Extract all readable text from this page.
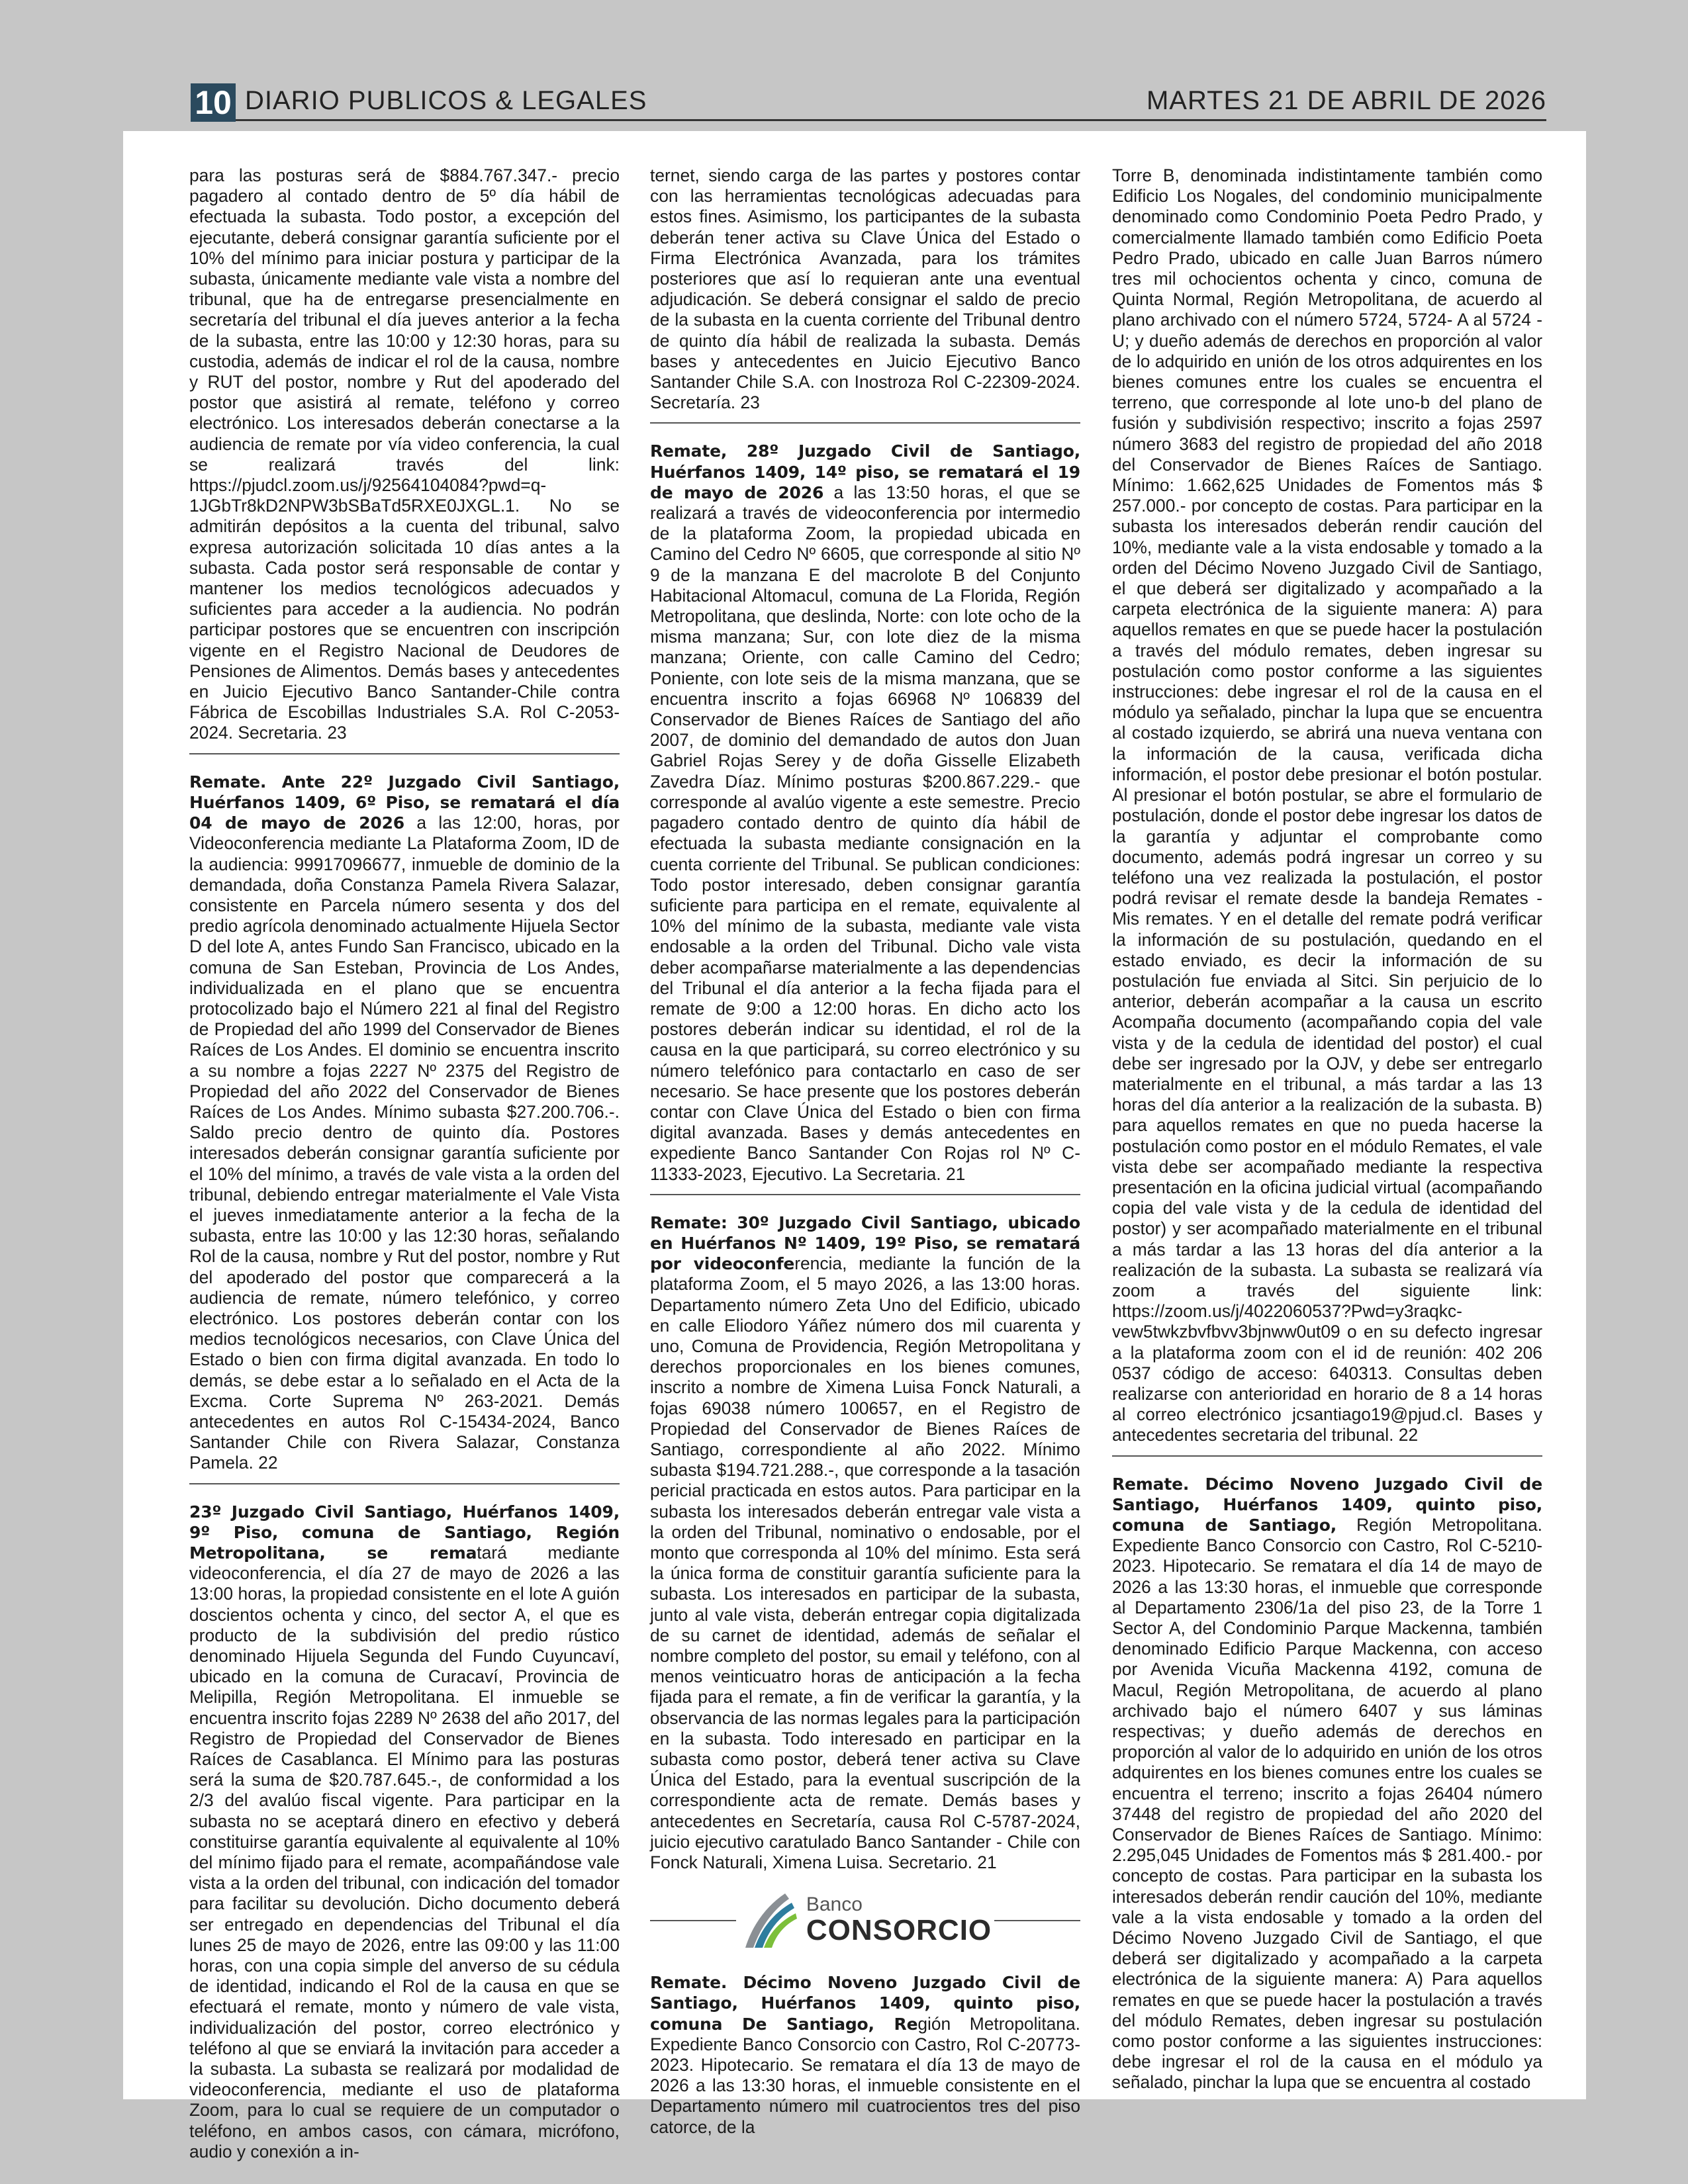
10 DIARIO PUBLICOS & LEGALES	MARTES 21 DE ABRIL DE 2026

para las posturas será de $884.767.347.- precio pagadero al contado dentro de 5º día hábil de efectuada la subasta. Todo postor, a excepción del ejecutante, deberá consignar garantía suficiente por el 10% del mínimo para iniciar postura y participar de la subasta, únicamente mediante vale vista a nombre del tribunal, que ha de entregarse presencialmente en secretaría del tribunal el día jueves anterior a la fecha de la subasta, entre las 10:00 y 12:30 horas, para su custodia, además de indicar el rol de la causa, nombre y RUT del postor, nombre y Rut del apoderado del postor que asistirá al remate, teléfono y correo electrónico. Los interesados deberán conectarse a la audiencia de remate por vía video conferencia, la cual se realizará través del link: https://pjudcl.zoom.us/j/92564104084?pwd=q-1JGbTr8kD2NPW3bSBaTd5RXE0JXGL.1. No se admitirán depósitos a la cuenta del tribunal, salvo expresa autorización solicitada 10 días antes a la subasta. Cada postor será responsable de contar y mantener los medios tecnológicos adecuados y suficientes para acceder a la audiencia. No podrán participar postores que se encuentren con inscripción vigente en el Registro Nacional de Deudores de Pensiones de Alimentos. Demás bases y antecedentes en Juicio Ejecutivo Banco Santander-Chile contra Fábrica de Escobillas Industriales S.A. Rol C-2053-2024. Secretaria. 23

Remate. Ante 22º Juzgado Civil Santiago, Huérfanos 1409, 6º Piso, se rematará el día 04 de mayo de 2026 a las 12:00, horas, por Videoconferencia mediante La Plataforma Zoom, ID de la audiencia: 99917096677, inmueble de dominio de la demandada, doña Constanza Pamela Rivera Salazar, consistente en Parcela número sesenta y dos del predio agrícola denominado actualmente Hijuela Sector D del lote A, antes Fundo San Francisco, ubicado en la comuna de San Esteban, Provincia de Los Andes, individualizada en el plano que se encuentra protocolizado bajo el Número 221 al final del Registro de Propiedad del año 1999 del Conservador de Bienes Raíces de Los Andes. El dominio se encuentra inscrito a su nombre a fojas 2227 Nº 2375 del Registro de Propiedad del año 2022 del Conservador de Bienes Raíces de Los Andes. Mínimo subasta $27.200.706.-. Saldo precio dentro de quinto día. Postores interesados deberán consignar garantía suficiente por el 10% del mínimo, a través de vale vista a la orden del tribunal, debiendo entregar materialmente el Vale Vista el jueves inmediatamente anterior a la fecha de la subasta, entre las 10:00 y las 12:30 horas, señalando Rol de la causa, nombre y Rut del postor, nombre y Rut del apoderado del postor que comparecerá a la audiencia de remate, número telefónico, y correo electrónico. Los postores deberán contar con los medios tecnológicos necesarios, con Clave Única del Estado o bien con firma digital avanzada. En todo lo demás, se debe estar a lo señalado en el Acta de la Excma. Corte Suprema Nº 263-2021. Demás antecedentes en autos Rol C-15434-2024, Banco Santander Chile con Rivera Salazar, Constanza Pamela. 22

23º Juzgado Civil Santiago, Huérfanos 1409, 9º Piso, comuna de Santiago, Región Metropolitana, se rematará mediante videoconferencia, el día 27 de mayo de 2026 a las 13:00 horas, la propiedad consistente en el lote A guión doscientos ochenta y cinco, del sector A, el que es producto de la subdivisión del predio rústico denominado Hijuela Segunda del Fundo Cuyuncaví, ubicado en la comuna de Curacaví, Provincia de Melipilla, Región Metropolitana. El inmueble se encuentra inscrito fojas 2289 Nº 2638 del año 2017, del Registro de Propiedad del Conservador de Bienes Raíces de Casablanca. El Mínimo para las posturas será la suma de $20.787.645.-, de conformidad a los 2/3 del avalúo fiscal vigente. Para participar en la subasta no se aceptará dinero en efectivo y deberá constituirse garantía equivalente al equivalente al 10% del mínimo fijado para el remate, acompañándose vale vista a la orden del tribunal, con indicación del tomador para facilitar su devolución. Dicho documento deberá ser entregado en dependencias del Tribunal el día lunes 25 de mayo de 2026, entre las 09:00 y las 11:00 horas, con una copia simple del anverso de su cédula de identidad, indicando el Rol de la causa en que se efectuará el remate, monto y número de vale vista, individualización del postor, correo electrónico y teléfono al que se enviará la invitación para acceder a la subasta. La subasta se realizará por modalidad de videoconferencia, mediante el uso de plataforma Zoom, para lo cual se requiere de un computador o teléfono, en ambos casos, con cámara, micrófono, audio y conexión a in-

ternet, siendo carga de las partes y postores contar con las herramientas tecnológicas adecuadas para estos fines. Asimismo, los participantes de la subasta deberán tener activa su Clave Única del Estado o Firma Electrónica Avanzada, para los trámites posteriores que así lo requieran ante una eventual adjudicación. Se deberá consignar el saldo de precio de la subasta en la cuenta corriente del Tribunal dentro de quinto día hábil de realizada la subasta. Demás bases y antecedentes en Juicio Ejecutivo Banco Santander Chile S.A. con Inostroza Rol C-22309-2024. Secretaría. 23

Remate, 28º Juzgado Civil de Santiago, Huérfanos 1409, 14º piso, se rematará el 19 de mayo de 2026 a las 13:50 horas, el que se realizará a través de videoconferencia por intermedio de la plataforma Zoom, la propiedad ubicada en Camino del Cedro Nº 6605, que corresponde al sitio Nº 9 de la manzana E del macrolote B del Conjunto Habitacional Altomacul, comuna de La Florida, Región Metropolitana, que deslinda, Norte: con lote ocho de la misma manzana; Sur, con lote diez de la misma manzana; Oriente, con calle Camino del Cedro; Poniente, con lote seis de la misma manzana, que se encuentra inscrito a fojas 66968 Nº 106839 del Conservador de Bienes Raíces de Santiago del año 2007, de dominio del demandado de autos don Juan Gabriel Rojas Serey y de doña Gisselle Elizabeth Zavedra Díaz. Mínimo posturas $200.867.229.- que corresponde al avalúo vigente a este semestre. Precio pagadero contado dentro de quinto día hábil de efectuada la subasta mediante consignación en la cuenta corriente del Tribunal. Se publican condiciones: Todo postor interesado, deben consignar garantía suficiente para participa en el remate, equivalente al 10% del mínimo de la subasta, mediante vale vista endosable a la orden del Tribunal. Dicho vale vista deber acompañarse materialmente a las dependencias del Tribunal el día anterior a la fecha fijada para el remate de 9:00 a 12:00 horas. En dicho acto los postores deberán indicar su identidad, el rol de la causa en la que participará, su correo electrónico y su número telefónico para contactarlo en caso de ser necesario. Se hace presente que los postores deberán contar con Clave Única del Estado o bien con firma digital avanzada. Bases y demás antecedentes en expediente Banco Santander Con Rojas rol Nº C-11333-2023, Ejecutivo. La Secretaria. 21

Remate: 30º Juzgado Civil Santiago, ubicado en Huérfanos Nº 1409, 19º Piso, se rematará por videoconferencia, mediante la función de la plataforma Zoom, el 5 mayo 2026, a las 13:00 horas. Departamento número Zeta Uno del Edificio, ubicado en calle Eliodoro Yáñez número dos mil cuarenta y uno, Comuna de Providencia, Región Metropolitana y derechos proporcionales en los bienes comunes, inscrito a nombre de Ximena Luisa Fonck Naturali, a fojas 69038 número 100657, en el Registro de Propiedad del Conservador de Bienes Raíces de Santiago, correspondiente al año 2022. Mínimo subasta $194.721.288.-, que corresponde a la tasación pericial practicada en estos autos. Para participar en la subasta los interesados deberán entregar vale vista a la orden del Tribunal, nominativo o endosable, por el monto que corresponda al 10% del mínimo. Esta será la única forma de constituir garantía suficiente para la subasta. Los interesados en participar de la subasta, junto al vale vista, deberán entregar copia digitalizada de su carnet de identidad, además de señalar el nombre completo del postor, su email y teléfono, con al menos veinticuatro horas de anticipación a la fecha fijada para el remate, a fin de verificar la garantía, y la observancia de las normas legales para la participación en la subasta. Todo interesado en participar en la subasta como postor, deberá tener activa su Clave Única del Estado, para la eventual suscripción de la correspondiente acta de remate. Demás bases y antecedentes en Secretaría, causa Rol C-5787-2024, juicio ejecutivo caratulado Banco Santander - Chile con Fonck Naturali, Ximena Luisa. Secretario. 21

Banco
CONSORCIO

Remate. Décimo Noveno Juzgado Civil de Santiago, Huérfanos 1409, quinto piso, comuna De Santiago, Región Metropolitana. Expediente Banco Consorcio con Castro, Rol C-20773-2023. Hipotecario. Se rematara el día 13 de mayo de 2026 a las 13:30 horas, el inmueble consistente en el Departamento número mil cuatrocientos tres del piso catorce, de la

Torre B, denominada indistintamente también como Edificio Los Nogales, del condominio municipalmente denominado como Condominio Poeta Pedro Prado, y comercialmente llamado también como Edificio Poeta Pedro Prado, ubicado en calle Juan Barros número tres mil ochocientos ochenta y cinco, comuna de Quinta Normal, Región Metropolitana, de acuerdo al plano archivado con el número 5724, 5724- A al 5724 -U; y dueño además de derechos en proporción al valor de lo adquirido en unión de los otros adquirentes en los bienes comunes entre los cuales se encuentra el terreno, que corresponde al lote uno-b del plano de fusión y subdivisión respectivo; inscrito a fojas 2597 número 3683 del registro de propiedad del año 2018 del Conservador de Bienes Raíces de Santiago. Mínimo: 1.662,625 Unidades de Fomentos más $ 257.000.- por concepto de costas. Para participar en la subasta los interesados deberán rendir caución del 10%, mediante vale a la vista endosable y tomado a la orden del Décimo Noveno Juzgado Civil de Santiago, el que deberá ser digitalizado y acompañado a la carpeta electrónica de la siguiente manera: A) para aquellos remates en que se puede hacer la postulación a través del módulo remates, deben ingresar su postulación como postor conforme a las siguientes instrucciones: debe ingresar el rol de la causa en el módulo ya señalado, pinchar la lupa que se encuentra al costado izquierdo, se abrirá una nueva ventana con la información de la causa, verificada dicha información, el postor debe presionar el botón postular. Al presionar el botón postular, se abre el formulario de postulación, donde el postor debe ingresar los datos de la garantía y adjuntar el comprobante como documento, además podrá ingresar un correo y su teléfono una vez realizada la postulación, el postor podrá revisar el remate desde la bandeja Remates - Mis remates. Y en el detalle del remate podrá verificar la información de su postulación, quedando en el estado enviado, es decir la información de su postulación fue enviada al Sitci. Sin perjuicio de lo anterior, deberán acompañar a la causa un escrito Acompaña documento (acompañando copia del vale vista y de la cedula de identidad del postor) el cual debe ser ingresado por la OJV, y debe ser entregarlo materialmente en el tribunal, a más tardar a las 13 horas del día anterior a la realización de la subasta. B) para aquellos remates en que no pueda hacerse la postulación como postor en el módulo Remates, el vale vista debe ser acompañado mediante la respectiva presentación en la oficina judicial virtual (acompañando copia del vale vista y de la cedula de identidad del postor) y ser acompañado materialmente en el tribunal a más tardar a las 13 horas del día anterior a la realización de la subasta. La subasta se realizará vía zoom a través del siguiente link: https://zoom.us/j/4022060537?Pwd=y3raqkc-vew5twkzbvfbvv3bjnww0ut09 o en su defecto ingresar a la plataforma zoom con el id de reunión: 402 206 0537 código de acceso: 640313. Consultas deben realizarse con anterioridad en horario de 8 a 14 horas al correo electrónico jcsantiago19@pjud.cl. Bases y antecedentes secretaria del tribunal. 22

Remate. Décimo Noveno Juzgado Civil de Santiago, Huérfanos 1409, quinto piso, comuna de Santiago, Región Metropolitana. Expediente Banco Consorcio con Castro, Rol C-5210-2023. Hipotecario. Se rematara el día 14 de mayo de 2026 a las 13:30 horas, el inmueble que corresponde al Departamento 2306/1a del piso 23, de la Torre 1 Sector A, del Condominio Parque Mackenna, también denominado Edificio Parque Mackenna, con acceso por Avenida Vicuña Mackenna 4192, comuna de Macul, Región Metropolitana, de acuerdo al plano archivado bajo el número 6407 y sus láminas respectivas; y dueño además de derechos en proporción al valor de lo adquirido en unión de los otros adquirentes en los bienes comunes entre los cuales se encuentra el terreno; inscrito a fojas 26404 número 37448 del registro de propiedad del año 2020 del Conservador de Bienes Raíces de Santiago. Mínimo: 2.295,045 Unidades de Fomentos más $ 281.400.- por concepto de costas. Para participar en la subasta los interesados deberán rendir caución del 10%, mediante vale a la vista endosable y tomado a la orden del Décimo Noveno Juzgado Civil de Santiago, el que deberá ser digitalizado y acompañado a la carpeta electrónica de la siguiente manera: A) Para aquellos remates en que se puede hacer la postulación a través del módulo Remates, deben ingresar su postulación como postor conforme a las siguientes instrucciones: debe ingresar el rol de la causa en el módulo ya señalado, pinchar la lupa que se encuentra al costado
